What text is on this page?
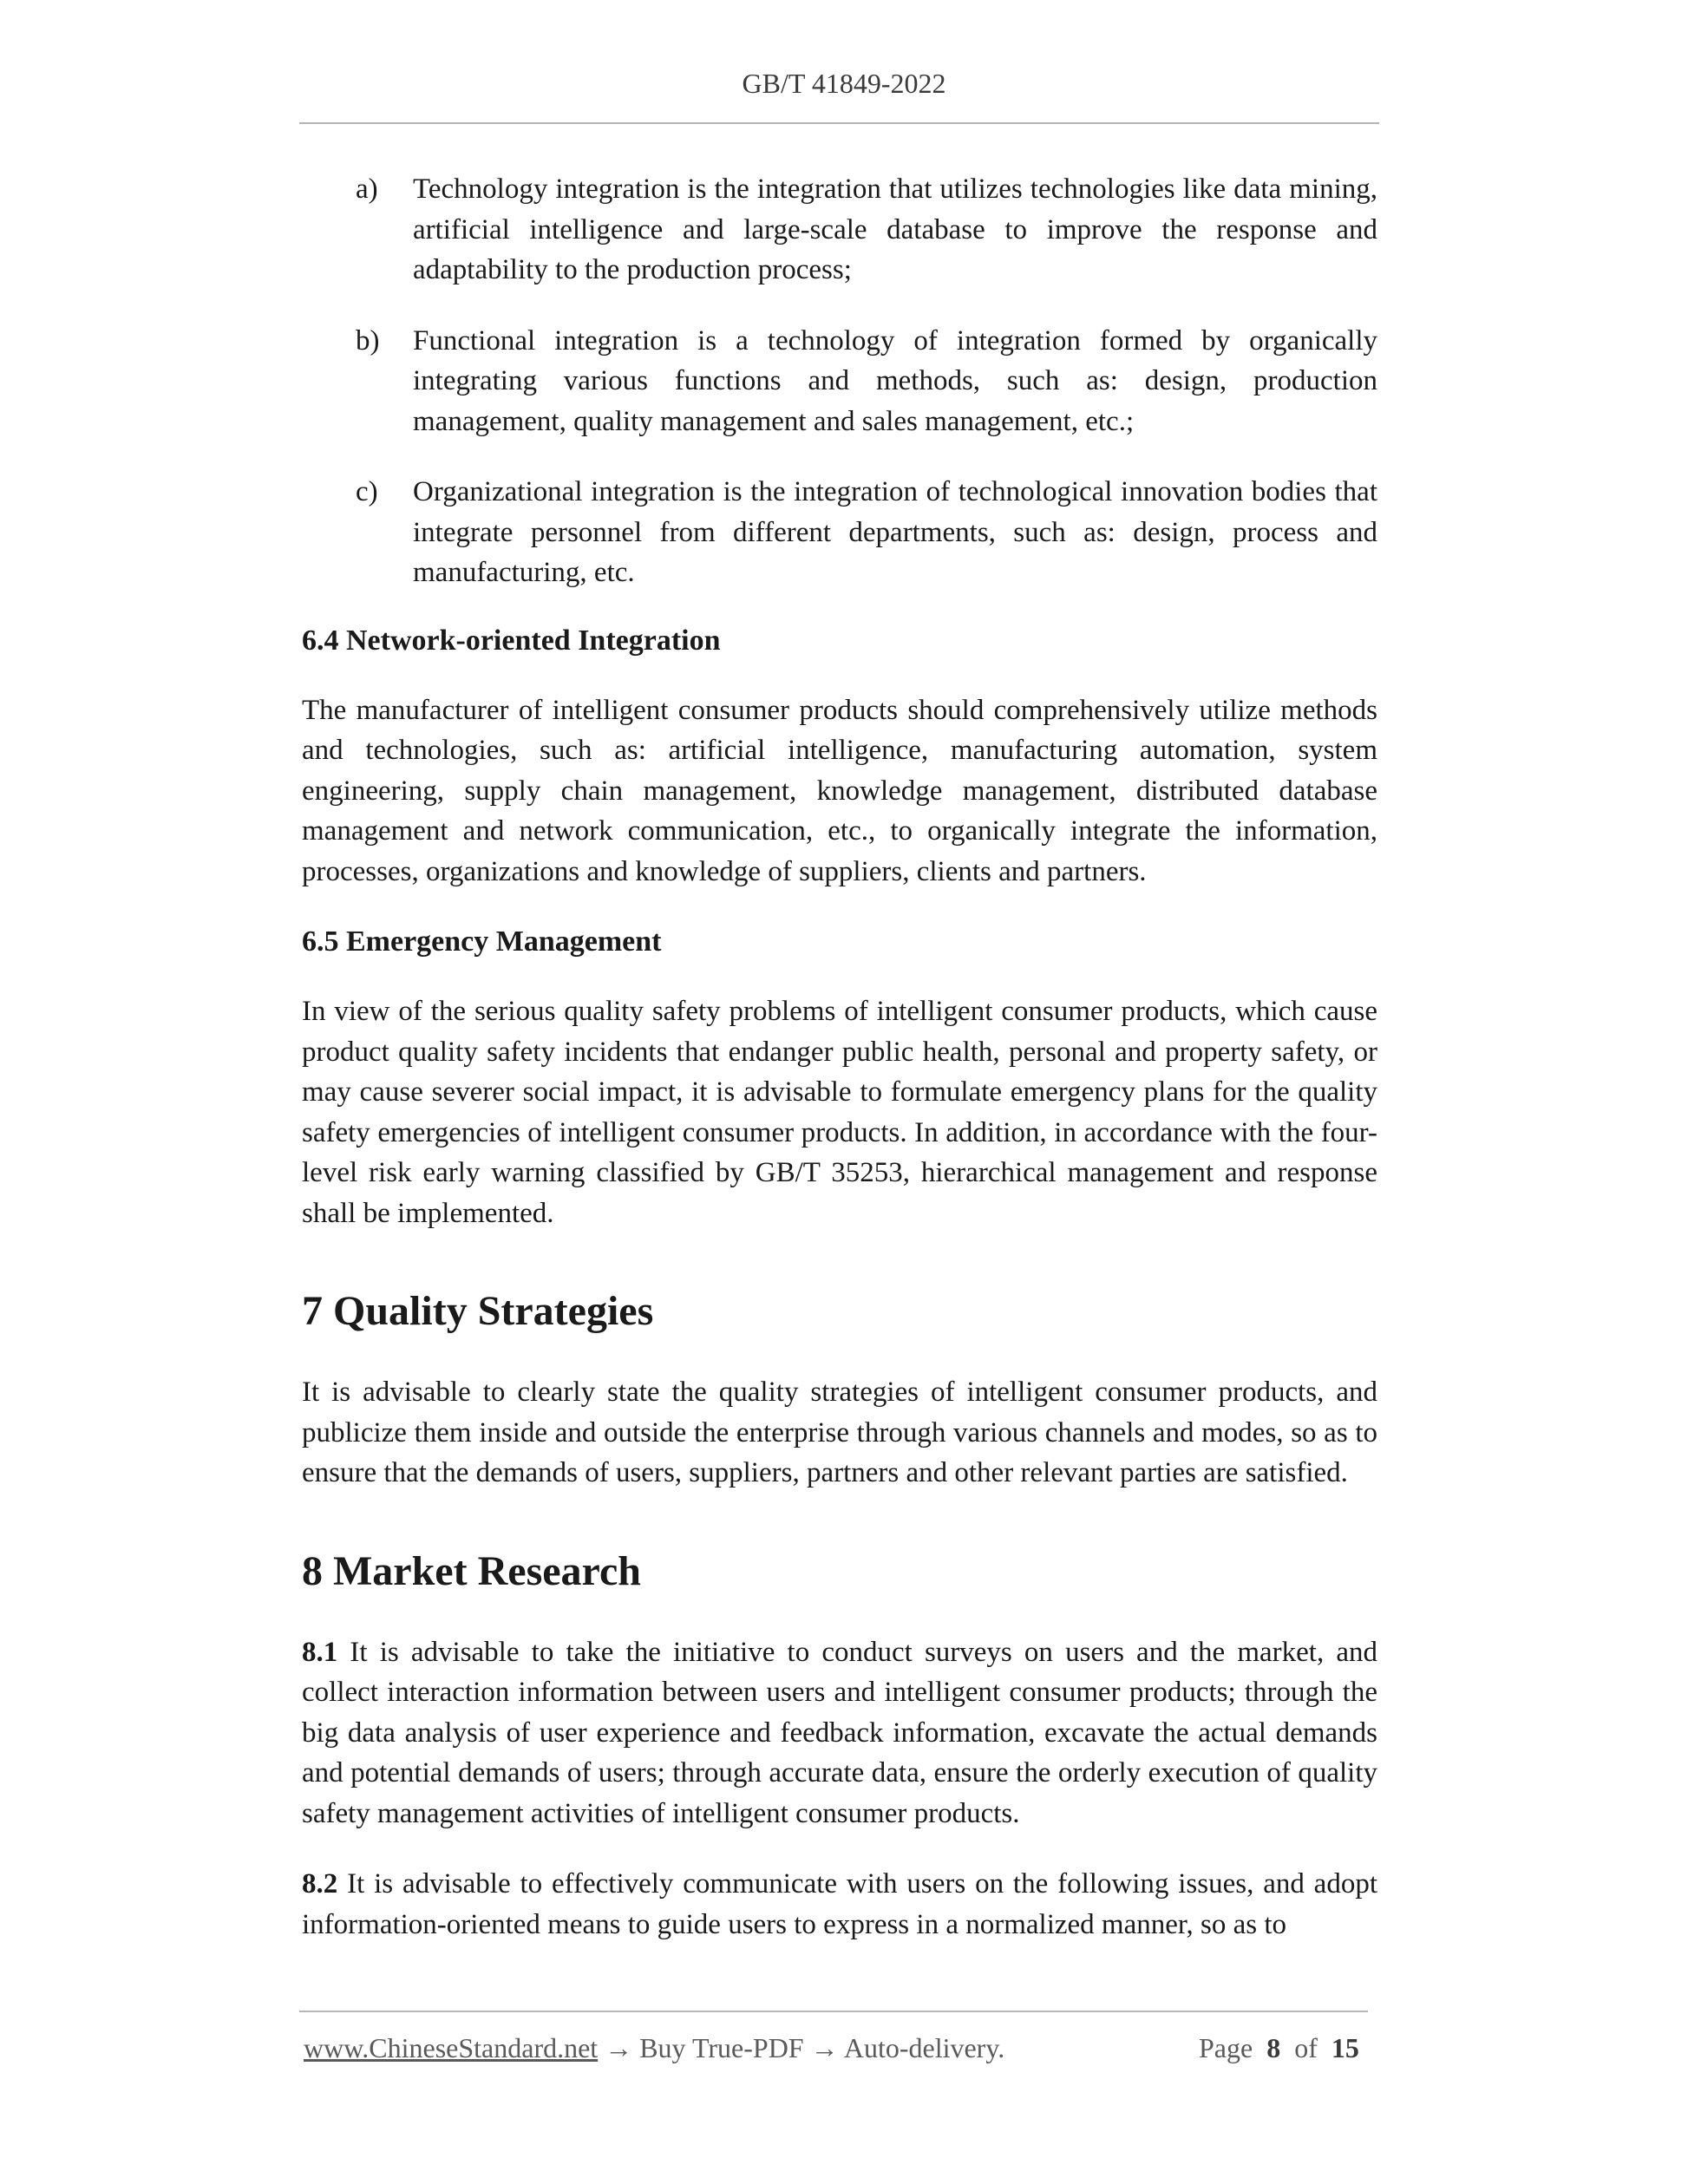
GB/T 41849-2022
a) Technology integration is the integration that utilizes technologies like data mining, artificial intelligence and large-scale database to improve the response and adaptability to the production process;
b) Functional integration is a technology of integration formed by organically integrating various functions and methods, such as: design, production management, quality management and sales management, etc.;
c) Organizational integration is the integration of technological innovation bodies that integrate personnel from different departments, such as: design, process and manufacturing, etc.
6.4 Network-oriented Integration

The manufacturer of intelligent consumer products should comprehensively utilize methods and technologies, such as: artificial intelligence, manufacturing automation, system engineering, supply chain management, knowledge management, distributed database management and network communication, etc., to organically integrate the information, processes, organizations and knowledge of suppliers, clients and partners.

6.5 Emergency Management

In view of the serious quality safety problems of intelligent consumer products, which cause product quality safety incidents that endanger public health, personal and property safety, or may cause severer social impact, it is advisable to formulate emergency plans for the quality safety emergencies of intelligent consumer products. In addition, in accordance with the four-level risk early warning classified by GB/T 35253, hierarchical management and response shall be implemented.

7 Quality Strategies

It is advisable to clearly state the quality strategies of intelligent consumer products, and publicize them inside and outside the enterprise through various channels and modes, so as to ensure that the demands of users, suppliers, partners and other relevant parties are satisfied.

8 Market Research

8.1 It is advisable to take the initiative to conduct surveys on users and the market, and collect interaction information between users and intelligent consumer products; through the big data analysis of user experience and feedback information, excavate the actual demands and potential demands of users; through accurate data, ensure the orderly execution of quality safety management activities of intelligent consumer products.

8.2 It is advisable to effectively communicate with users on the following issues, and adopt information-oriented means to guide users to express in a normalized manner, so as to

www.ChineseStandard.net → Buy True-PDF → Auto-delivery.	Page 8 of 15
